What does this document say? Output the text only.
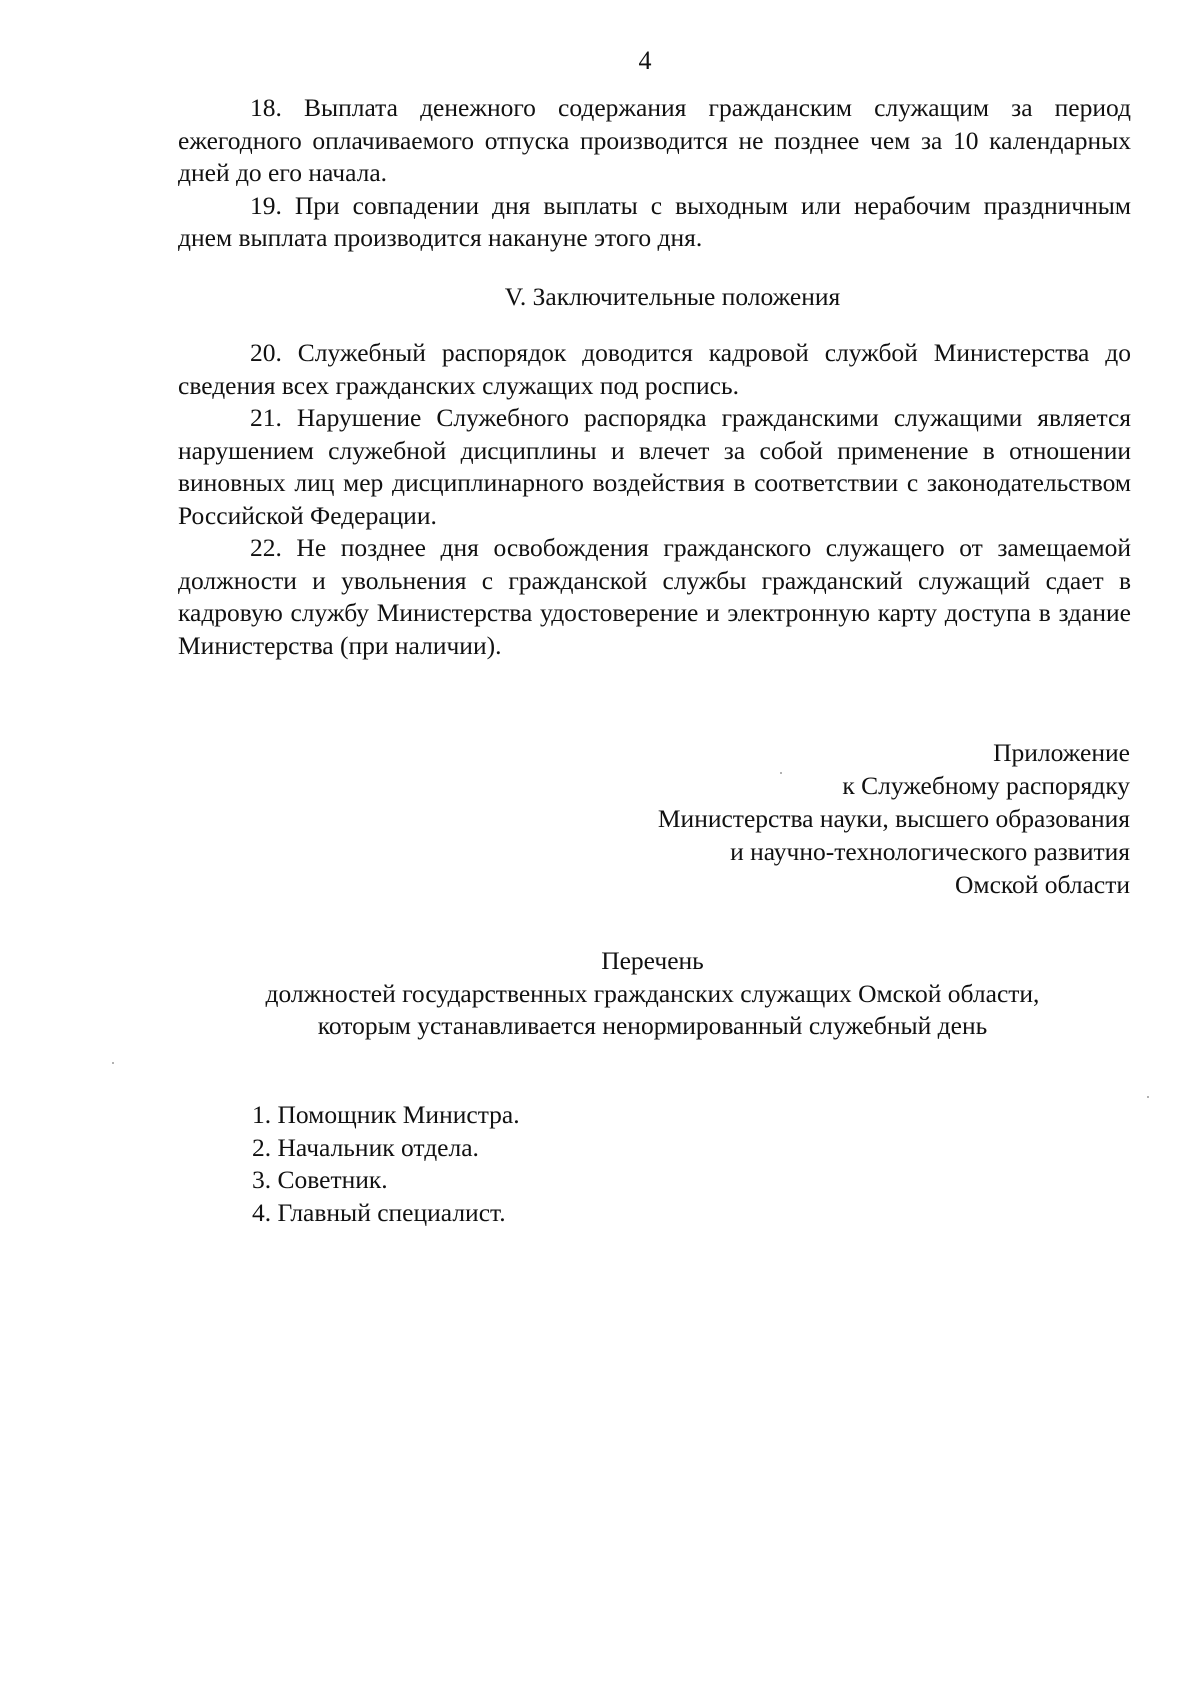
4

18. Выплата денежного содержания гражданским служащим за период ежегодного оплачиваемого отпуска производится не позднее чем за 10 календарных дней до его начала.

19. При совпадении дня выплаты с выходным или нерабочим праздничным днем выплата производится накануне этого дня.

V. Заключительные положения

20. Служебный распорядок доводится кадровой службой Министерства до сведения всех гражданских служащих под роспись.

21. Нарушение Служебного распорядка гражданскими служащими является нарушением служебной дисциплины и влечет за собой применение в отношении виновных лиц мер дисциплинарного воздействия в соответствии с законодательством Российской Федерации.

22. Не позднее дня освобождения гражданского служащего от замещаемой должности и увольнения с гражданской службы гражданский служащий сдает в кадровую службу Министерства удостоверение и электронную карту доступа в здание Министерства (при наличии).

Приложение
к Служебному распорядку
Министерства науки, высшего образования
и научно-технологического развития
Омской области
Перечень
должностей государственных гражданских служащих Омской области,
которым устанавливается ненормированный служебный день
1. Помощник Министра.
2. Начальник отдела.
3. Советник.
4. Главный специалист.
